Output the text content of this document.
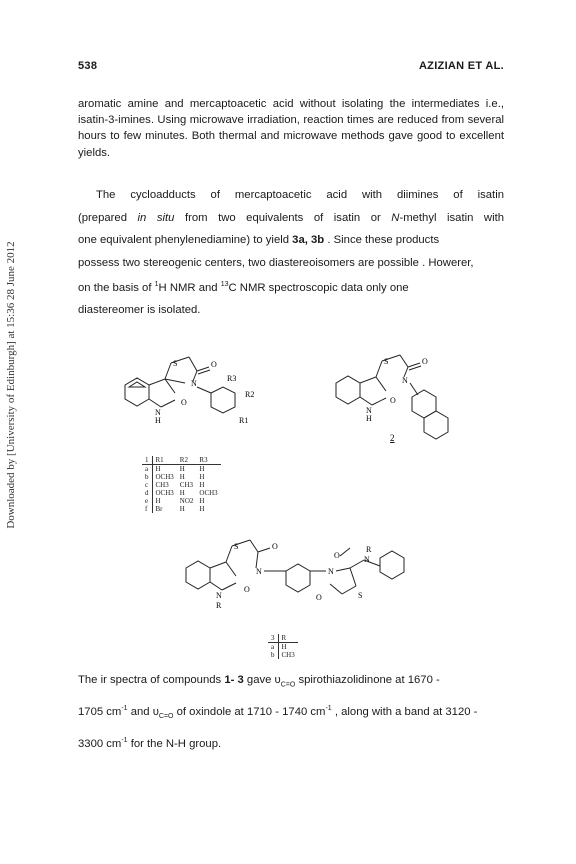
538	AZIZIAN ET AL.
Downloaded by [University of Edinburgh] at 15:36 28 June 2012
aromatic amine and mercaptoacetic acid without isolating the intermediates i.e., isatin-3-imines. Using microwave irradiation, reaction times are reduced from several hours to few minutes. Both thermal and microwave methods gave good to excellent yields.
The cycloadducts of mercaptoacetic acid with diimines of isatin
(prepared in situ from two equivalents of isatin or N-methyl isatin with
one equivalent phenylenediamine) to yield 3a, 3b . Since these products
possess two stereogenic centers, two diastereoisomers are possible . Howerer,
on the basis of $^1$H NMR and $^{13}$C NMR spectroscopic data only one
diastereomer is isolated.
S	O
N
N
H
O
R3
R2
R1
1	R1	R2	R3
a	H	H	H
b	OCH3	H	H
c	CH3	CH3	H
d	OCH3	H	OCH3
e	H	NO2	H
f	Br	H	H
S	O
N
N
H
O
2
R
N
O
N
O	S
S	O
N
N
R
O
3	R
a	H
b	CH3
The ir spectra of compounds 1- 3 gave $\upsilon_{C=O}$ spirothiazolidinone at 1670 -
1705 $cm^{-1}$ and $\upsilon_{C=O}$ of oxindole at 1710 - 1740 $cm^{-1}$ , along with a band at 3120 -
3300 $cm^{-1}$ for the N-H group.
